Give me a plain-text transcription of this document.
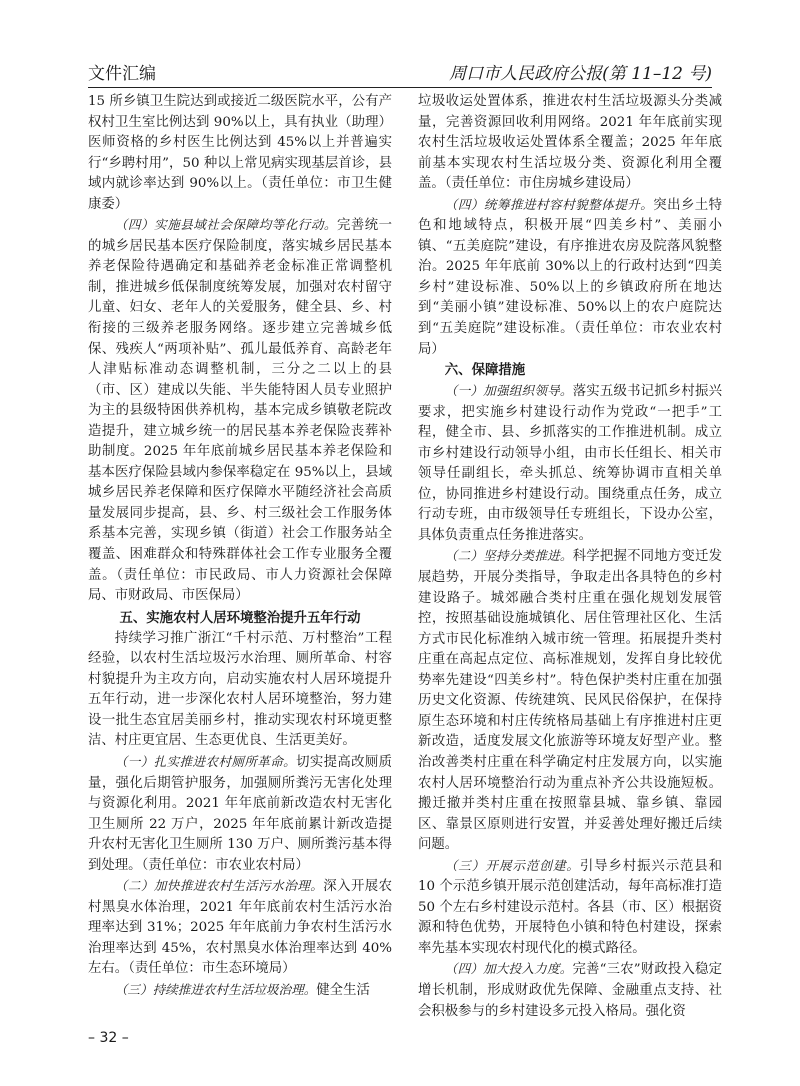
文件汇编	周口市人民政府公报(第 11–12 号)

15 所乡镇卫生院达到或接近二级医院水平，公有产权村卫生室比例达到 90%以上，具有执业（助理）医师资格的乡村医生比例达到 45%以上并普遍实行“乡聘村用”，50 种以上常见病实现基层首诊，县域内就诊率达到 90%以上。（责任单位：市卫生健康委）

（四）实施县域社会保障均等化行动。完善统一的城乡居民基本医疗保险制度，落实城乡居民基本养老保险待遇确定和基础养老金标准正常调整机制，推进城乡低保制度统筹发展，加强对农村留守儿童、妇女、老年人的关爱服务，健全县、乡、村衔接的三级养老服务网络。逐步建立完善城乡低保、残疾人“两项补贴”、孤儿最低养育、高龄老年人津贴标准动态调整机制，三分之二以上的县（市、区）建成以失能、半失能特困人员专业照护为主的县级特困供养机构，基本完成乡镇敬老院改造提升，建立城乡统一的居民基本养老保险丧葬补助制度。2025 年年底前城乡居民基本养老保险和基本医疗保险县域内参保率稳定在 95%以上，县域城乡居民养老保障和医疗保障水平随经济社会高质量发展同步提高，县、乡、村三级社会工作服务体系基本完善，实现乡镇（街道）社会工作服务站全覆盖、困难群众和特殊群体社会工作专业服务全覆盖。（责任单位：市民政局、市人力资源社会保障局、市财政局、市医保局）

五、实施农村人居环境整治提升五年行动

持续学习推广浙江“千村示范、万村整治”工程经验，以农村生活垃圾污水治理、厕所革命、村容村貌提升为主攻方向，启动实施农村人居环境提升五年行动，进一步深化农村人居环境整治，努力建设一批生态宜居美丽乡村，推动实现农村环境更整洁、村庄更宜居、生态更优良、生活更美好。

（一）扎实推进农村厕所革命。切实提高改厕质量，强化后期管护服务，加强厕所粪污无害化处理与资源化利用。2021 年年底前新改造农村无害化卫生厕所 22 万户，2025 年年底前累计新改造提升农村无害化卫生厕所 130 万户、厕所粪污基本得到处理。（责任单位：市农业农村局）

（二）加快推进农村生活污水治理。深入开展农村黑臭水体治理，2021 年年底前农村生活污水治理率达到 31%；2025 年年底前力争农村生活污水治理率达到 45%，农村黑臭水体治理率达到 40%左右。（责任单位：市生态环境局）

（三）持续推进农村生活垃圾治理。健全生活

垃圾收运处置体系，推进农村生活垃圾源头分类减量，完善资源回收利用网络。2021 年年底前实现农村生活垃圾收运处置体系全覆盖；2025 年年底前基本实现农村生活垃圾分类、资源化利用全覆盖。（责任单位：市住房城乡建设局）

（四）统筹推进村容村貌整体提升。突出乡土特色和地域特点，积极开展“四美乡村”、美丽小镇、“五美庭院”建设，有序推进农房及院落风貌整治。2025 年年底前 30%以上的行政村达到“四美乡村”建设标准、50%以上的乡镇政府所在地达到“美丽小镇”建设标准、50%以上的农户庭院达到“五美庭院”建设标准。（责任单位：市农业农村局）

六、保障措施

（一）加强组织领导。落实五级书记抓乡村振兴要求，把实施乡村建设行动作为党政“一把手”工程，健全市、县、乡抓落实的工作推进机制。成立市乡村建设行动领导小组，由市长任组长、相关市领导任副组长，牵头抓总、统筹协调市直相关单位，协同推进乡村建设行动。围绕重点任务，成立行动专班，由市级领导任专班组长，下设办公室，具体负责重点任务推进落实。

（二）坚持分类推进。科学把握不同地方变迁发展趋势，开展分类指导，争取走出各具特色的乡村建设路子。城郊融合类村庄重在强化规划发展管控，按照基础设施城镇化、居住管理社区化、生活方式市民化标准纳入城市统一管理。拓展提升类村庄重在高起点定位、高标准规划，发挥自身比较优势率先建设“四美乡村”。特色保护类村庄重在加强历史文化资源、传统建筑、民风民俗保护，在保持原生态环境和村庄传统格局基础上有序推进村庄更新改造，适度发展文化旅游等环境友好型产业。整治改善类村庄重在科学确定村庄发展方向，以实施农村人居环境整治行动为重点补齐公共设施短板。搬迁撤并类村庄重在按照靠县城、靠乡镇、靠园区、靠景区原则进行安置，并妥善处理好搬迁后续问题。

（三）开展示范创建。引导乡村振兴示范县和 10 个示范乡镇开展示范创建活动，每年高标准打造 50 个左右乡村建设示范村。各县（市、区）根据资源和特色优势，开展特色小镇和特色村建设，探索率先基本实现农村现代化的模式路径。

（四）加大投入力度。完善“三农”财政投入稳定增长机制，形成财政优先保障、金融重点支持、社会积极参与的乡村建设多元投入格局。强化资

– 32 –
